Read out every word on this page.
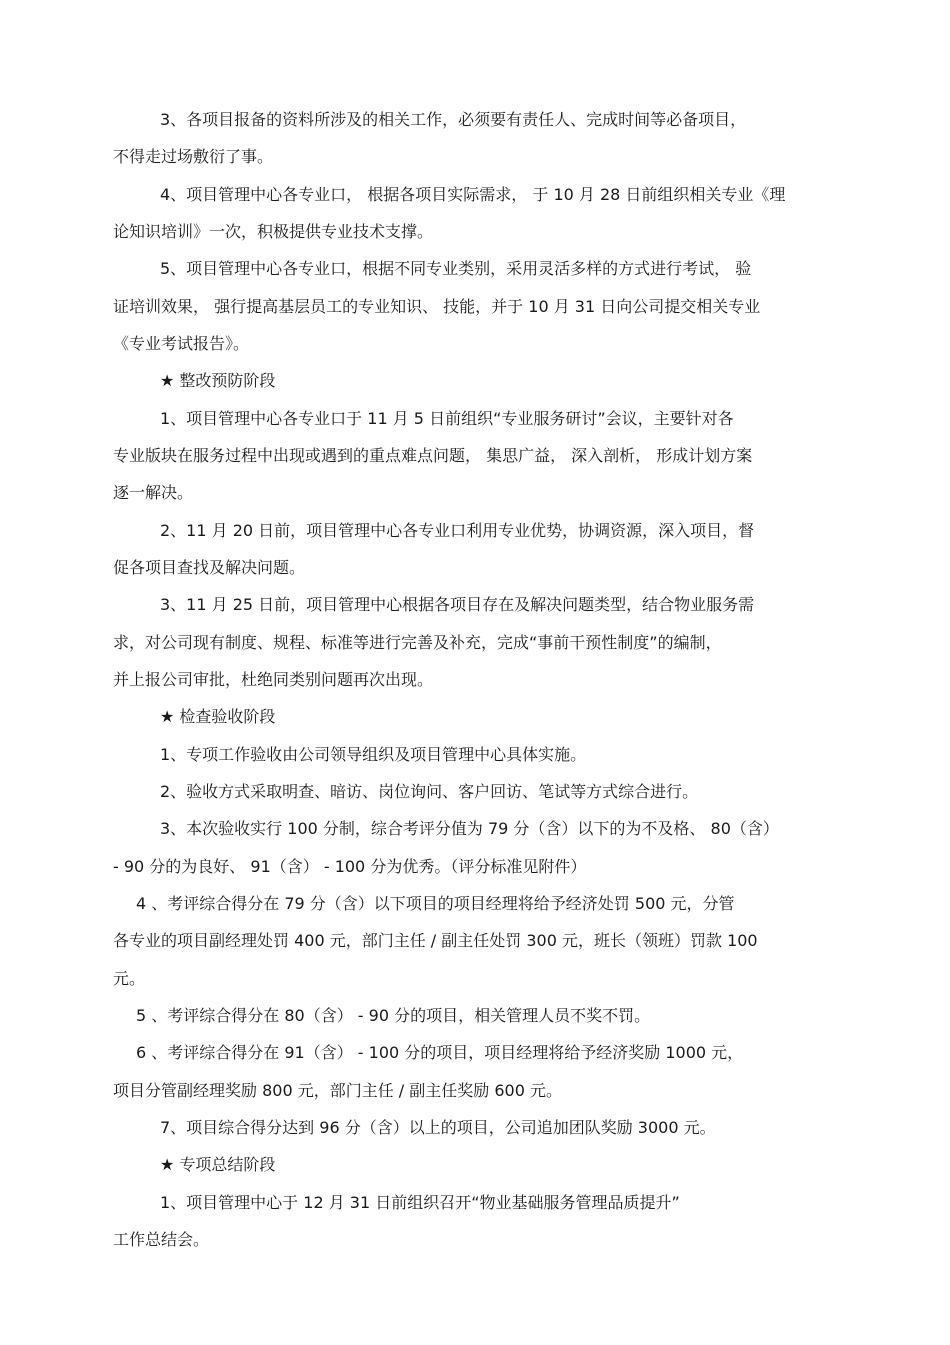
3、各项目报备的资料所涉及的相关工作，必须要有责任人、完成时间等必备项目，

不得走过场敷衍了事。

4、项目管理中心各专业口， 根据各项目实际需求， 于 10 月 28 日前组织相关专业《理

论知识培训》一次，积极提供专业技术支撑。

5、项目管理中心各专业口，根据不同专业类别，采用灵活多样的方式进行考试， 验

证培训效果， 强行提高基层员工的专业知识、 技能，并于 10 月 31 日向公司提交相关专业

《专业考试报告》。

★ 整改预防阶段

1、项目管理中心各专业口于 11 月 5 日前组织“专业服务研讨”会议，主要针对各

专业版块在服务过程中出现或遇到的重点难点问题， 集思广益， 深入剖析， 形成计划方案

逐一解决。

2、11 月 20 日前，项目管理中心各专业口利用专业优势，协调资源，深入项目，督

促各项目查找及解决问题。

3、11 月 25 日前，项目管理中心根据各项目存在及解决问题类型，结合物业服务需

求，对公司现有制度、规程、标准等进行完善及补充，完成“事前干预性制度”的编制，

并上报公司审批，杜绝同类别问题再次出现。

★ 检查验收阶段

1、专项工作验收由公司领导组织及项目管理中心具体实施。

2、验收方式采取明查、暗访、岗位询问、客户回访、笔试等方式综合进行。

3、本次验收实行 100 分制，综合考评分值为 79 分（含）以下的为不及格、 80（含）

- 90 分的为良好、 91（含） - 100 分为优秀。（评分标准见附件）

4 、考评综合得分在 79 分（含）以下项目的项目经理将给予经济处罚 500 元，分管

各专业的项目副经理处罚 400 元，部门主任 / 副主任处罚 300 元，班长（领班）罚款 100

元。

5 、考评综合得分在 80（含） - 90 分的项目，相关管理人员不奖不罚。

6 、考评综合得分在 91（含） - 100 分的项目，项目经理将给予经济奖励 1000 元，

项目分管副经理奖励 800 元，部门主任 / 副主任奖励 600 元。

7、项目综合得分达到 96 分（含）以上的项目，公司追加团队奖励 3000 元。

★ 专项总结阶段

1、项目管理中心于 12 月 31 日前组织召开“物业基础服务管理品质提升”

工作总结会。
